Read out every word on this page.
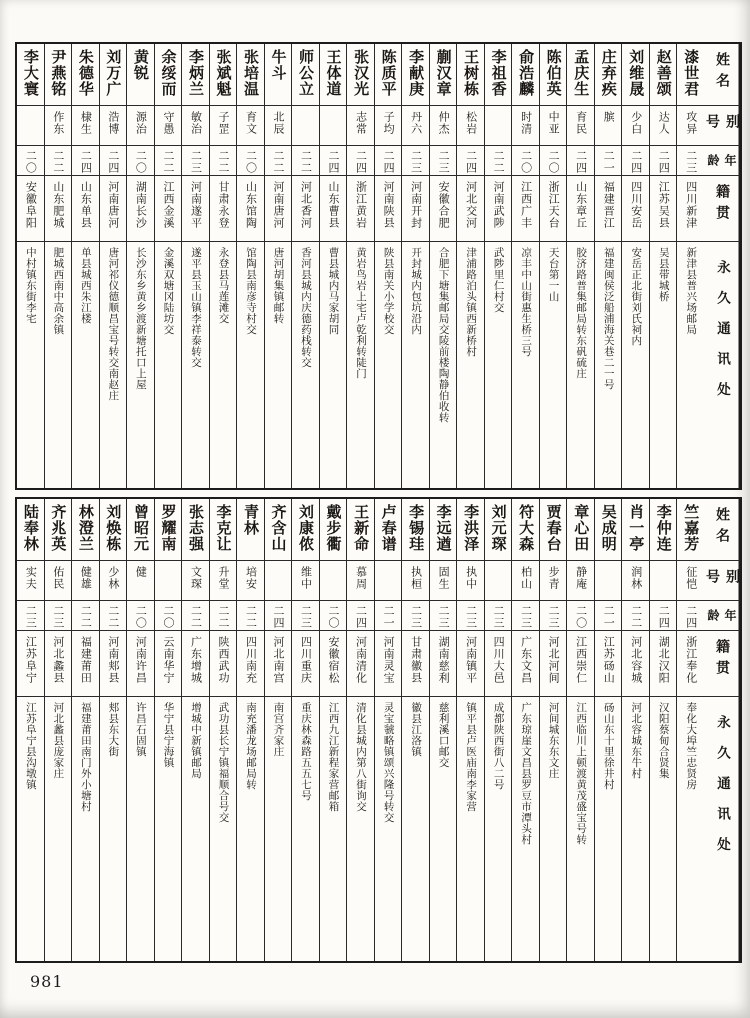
姓名
别号
年龄
籍贯
永久通讯处
漆世君
攻异
二三
四川新津
新津县普兴场邮局
赵善颂
达人
二四
江苏吴县
吴县带城桥
刘维晟
少白
二四
四川安岳
安岳正北街刘氏祠内
庄弃疾
膑
二一
福建晋江
福建闽侯泛船浦海关巷二一号
孟庆生
育民
二四
山东章丘
胶济路普集邮局转东矾硫庄
陈伯英
中亚
二〇
浙江天台
天台第一山
俞浩麟
时清
二〇
江西广丰
凉丰中山街惠生桥三号
李祖香
二二
河南武陟
武陟里仁村交
王树栋
松岩
二四
河北交河
津浦路泊头镇西新桥村
蒯汉章
仲杰
二三
安徽合肥
合肥下塘集邮局交陵前楼陶静伯收转
李献庚
丹六
二三
河南开封
开封城内包坑沿内
陈质平
子均
二四
河南陕县
陕县南关小学校交
张汉光
志常
二四
浙江黄岩
黄岩鸟岩上宅卢乾利转陡门
王体道
二四
山东曹县
曹县城内马家胡同
师公立
二二
河北香河
香河县城内庆德药栈转交
牛斗
北辰
二二
河南唐河
唐河胡集镇邮转
张培温
育文
二〇
山东馆陶
馆陶县南彦寺村交
张斌魁
子罡
二二
甘肃永登
永登县马莲滩交
李炳兰
敏治
二三
河南遂平
遂平县玉山镇李祥泰转交
余绥而
守愚
二二
江西金溪
金溪双塘冈陆坊交
黄锐
源治
二〇
湖南长沙
长沙东乡黄乡渡新塘托口上屋
刘万广
浩博
二四
河南唐河
唐河祁仪德顺昌宝号转交南赵庄
朱德华
棣生
二四
山东单县
单县城西朱江楼
尹燕铭
作东
二二
山东肥城
肥城西南中高余镇
李大寰
二〇
安徽阜阳
中村镇东街李宅
姓名
别号
年龄
籍贯
永久通讯处
竺嘉芳
征恺
二四
浙江奉化
奉化大埠竺忠贤房
李仲连
二四
湖北汉阳
汉阳蔡甸合贤集
肖一亭
润林
二二
河北容城
河北容城东牛村
吴成明
二一
江苏砀山
砀山东十里徐井村
章心田
静庵
二〇
江西崇仁
江西临川上顿渡黄茂盛宝号转
贾春台
步青
二三
河北河间
河间城东东文庄
符大森
柏山
二三
广东文昌
广东琼崖文昌县罗豆市潭头村
刘元琛
二三
四川大邑
成都陕西街八二号
李洪泽
执中
二三
河南镇平
镇平县卢医庙南李家营
李远遒
固生
二三
湖南慈利
慈利溪口邮交
李锡珪
执桓
二三
甘肃徽县
徽县江洛镇
卢春谱
二一
河南灵宝
灵宝虢略镇颂兴隆号转交
王新命
慕周
二四
河南清化
清化县城内第八街询交
戴步衢
二〇
安徽宿松
江西九江新程家营邮箱
刘康侬
维中
二三
四川重庆
重庆林森路五五七号
齐含山
二四
河北南宫
南宫齐家庄
青林
培安
二二
四川南充
南充潘龙场邮局转
李克让
升堂
二二
陕西武功
武功县长宁镇福顺合号交
张志强
文琛
二二
广东增城
增城中新镇邮局
罗耀南
二〇
云南华宁
华宁县宁海镇
曾昭元
健
二〇
河南许昌
许昌石固镇
刘焕栋
少林
二二
河南郏县
郏县东大街
林澄兰
健雄
二二
福建莆田
福建莆田南门外小塘村
齐兆英
佑民
二三
河北蠡县
河北蠡县庞家庄
陆奉林
实夫
二三
江苏阜宁
江苏阜宁县沟墩镇
981
